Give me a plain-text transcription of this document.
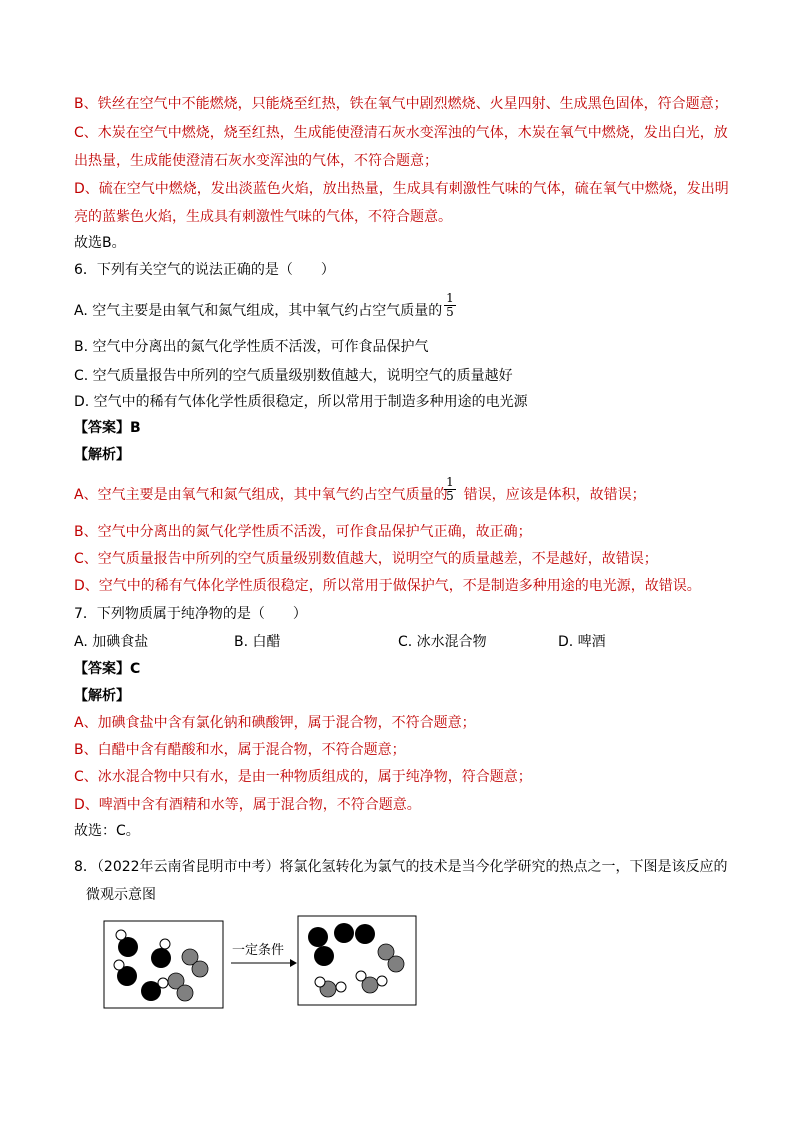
B、铁丝在空气中不能燃烧，只能烧至红热，铁在氧气中剧烈燃烧、火星四射、生成黑色固体，符合题意；
C、木炭在空气中燃烧，烧至红热，生成能使澄清石灰水变浑浊的气体，木炭在氧气中燃烧，发出白光，放
出热量，生成能使澄清石灰水变浑浊的气体，不符合题意；
D、硫在空气中燃烧，发出淡蓝色火焰，放出热量，生成具有刺激性气味的气体，硫在氧气中燃烧，发出明
亮的蓝紫色火焰，生成具有刺激性气味的气体，不符合题意。
故选B。
6．下列有关空气的说法正确的是（　　）
A. 空气主要是由氧气和氮气组成，其中氧气约占空气质量的 $\frac{1}{5}$
B. 空气中分离出的氮气化学性质不活泼，可作食品保护气
C. 空气质量报告中所列的空气质量级别数值越大，说明空气的质量越好
D. 空气中的稀有气体化学性质很稳定，所以常用于制造多种用途的电光源
【答案】B
【解析】
A、空气主要是由氧气和氮气组成，其中氧气约占空气质量的 错误，应该是体积，故错误；
$\frac{1}{5}$
B、空气中分离出的氮气化学性质不活泼，可作食品保护气正确，故正确；
C、空气质量报告中所列的空气质量级别数值越大，说明空气的质量越差，不是越好，故错误；
D、空气中的稀有气体化学性质很稳定，所以常用于做保护气，不是制造多种用途的电光源，故错误。
7．下列物质属于纯净物的是（　　）
A. 加碘食盐	B. 白醋	C. 冰水混合物	D. 啤酒
【答案】C
【解析】
A、加碘食盐中含有氯化钠和碘酸钾，属于混合物，不符合题意；
B、白醋中含有醋酸和水，属于混合物，不符合题意；
C、冰水混合物中只有水，是由一种物质组成的，属于纯净物，符合题意；
D、啤酒中含有酒精和水等，属于混合物，不符合题意。
故选：C。
8．（2022年云南省昆明市中考）将氯化氢转化为氯气的技术是当今化学研究的热点之一，下图是该反应的
微观示意图
一定条件
